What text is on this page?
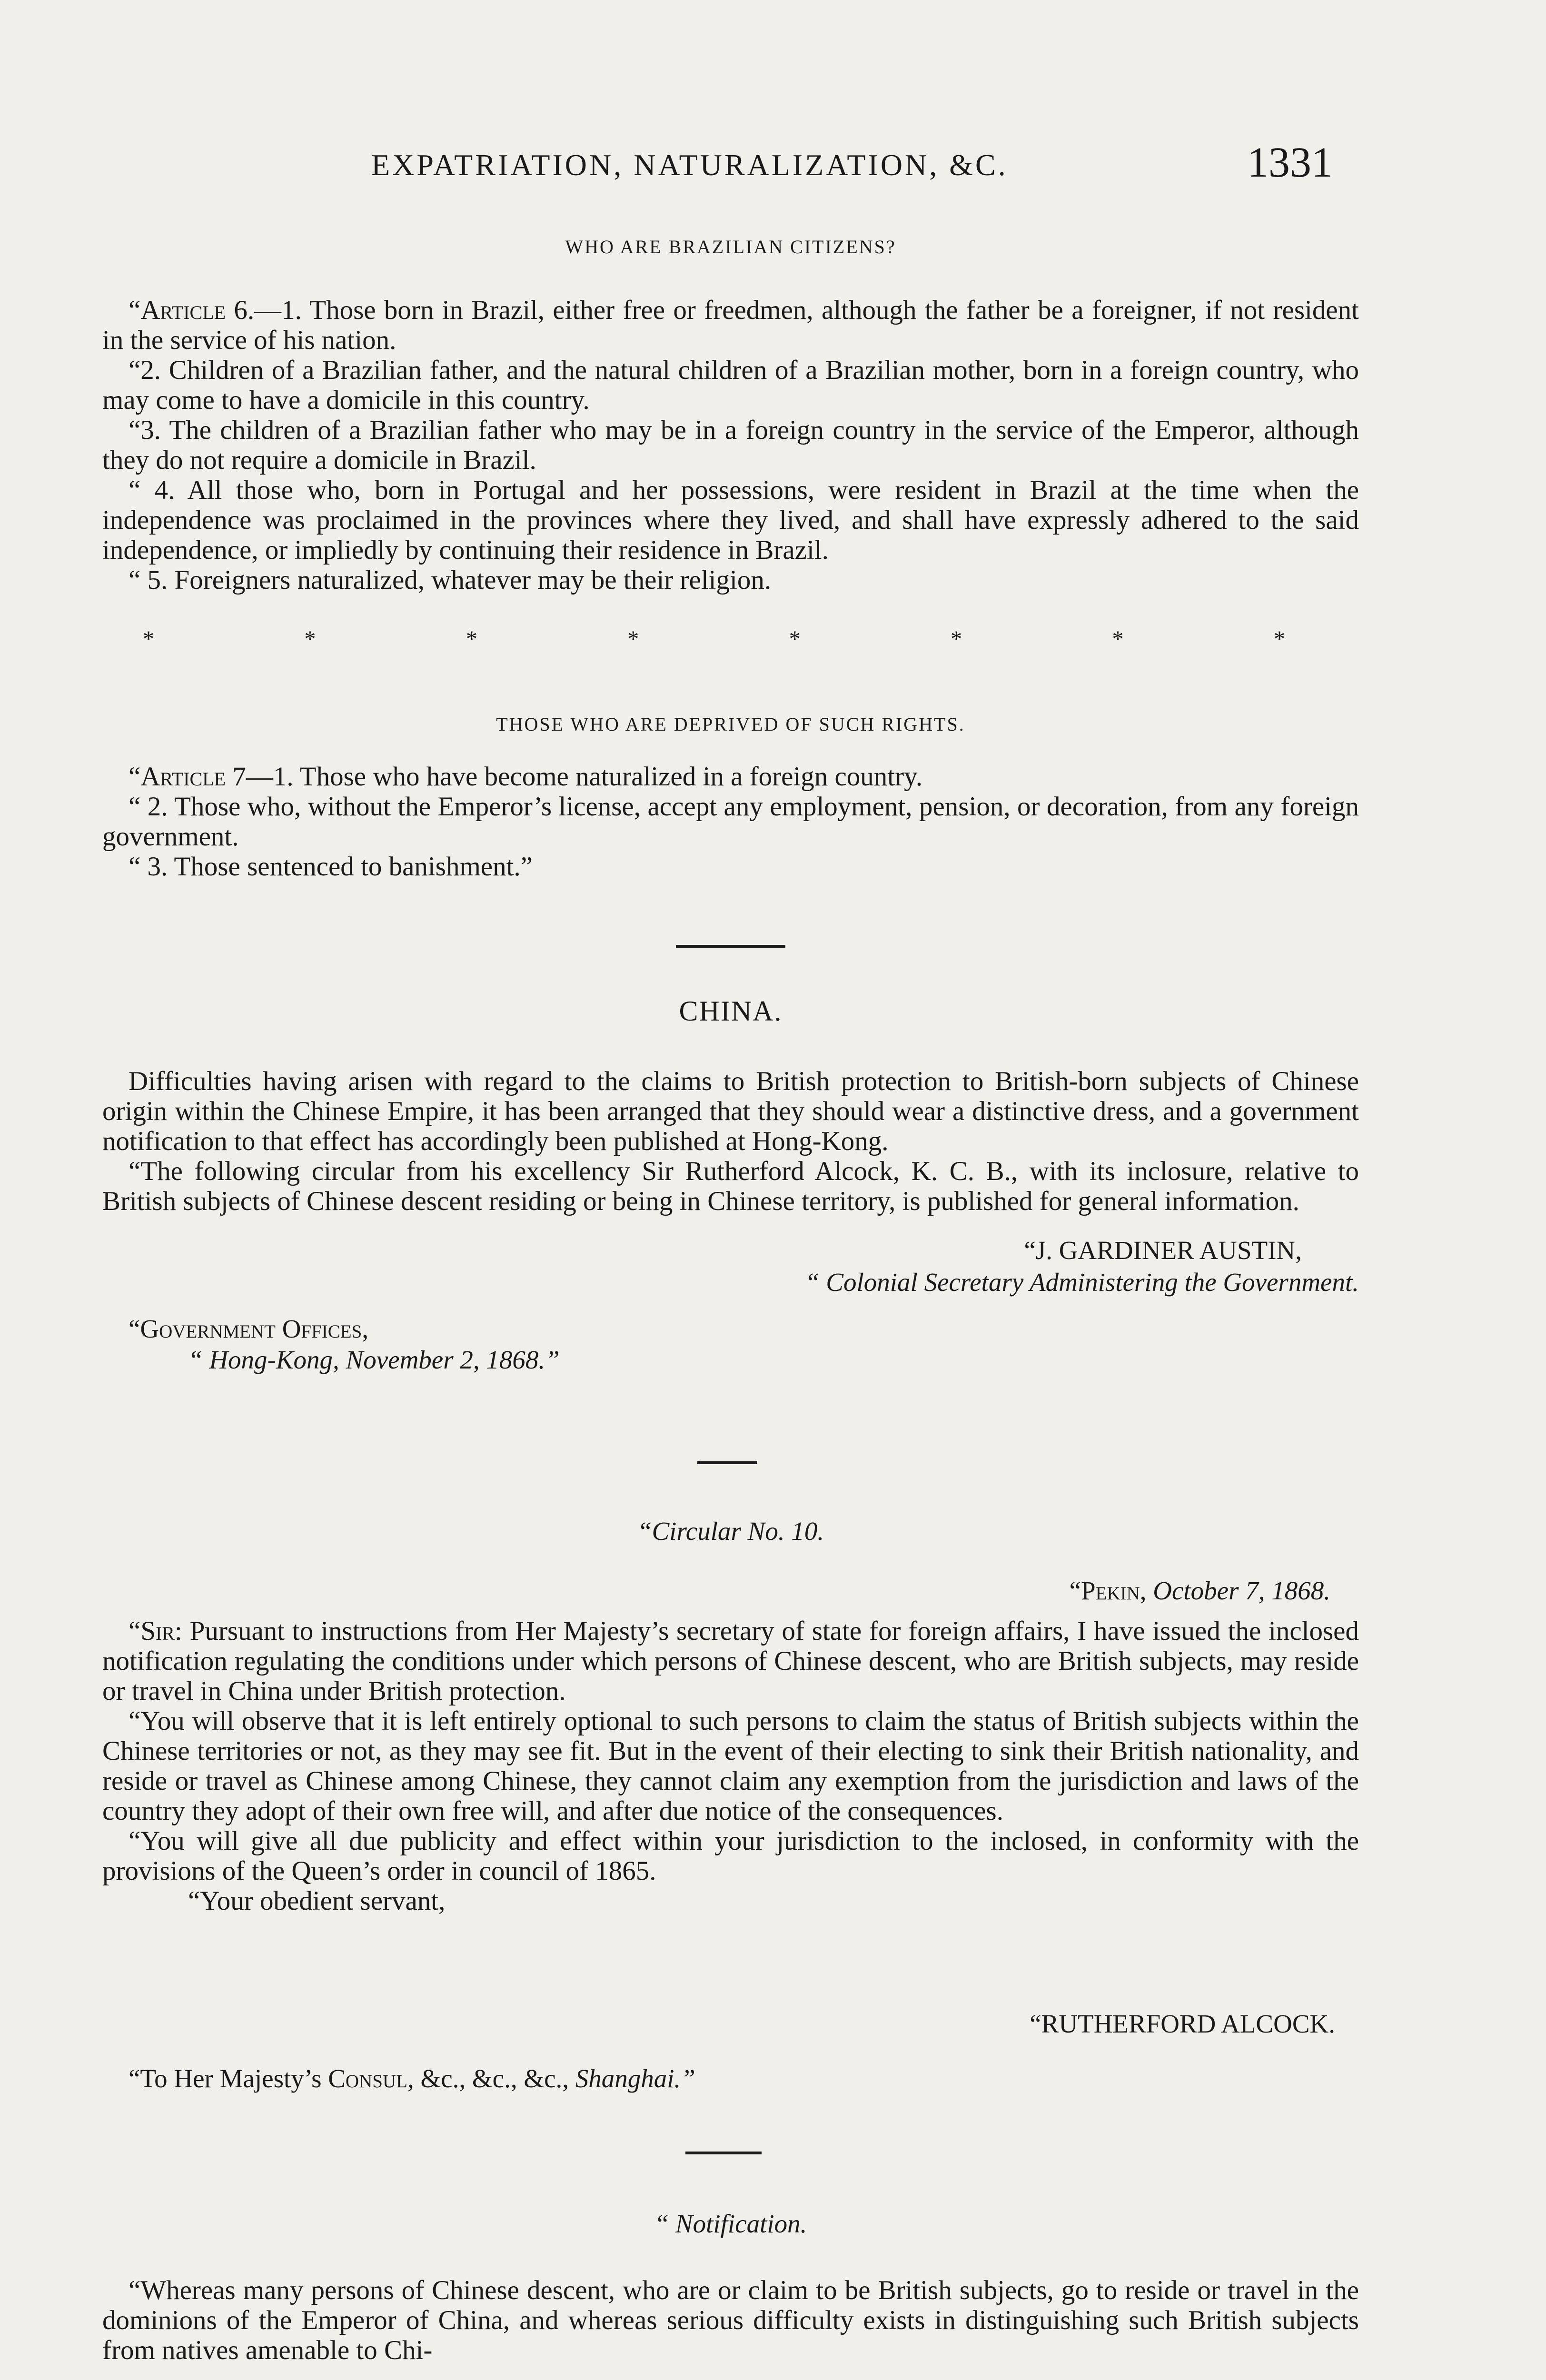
EXPATRIATION, NATURALIZATION, &C.	1331
WHO ARE BRAZILIAN CITIZENS?

“Article 6.—1. Those born in Brazil, either free or freedmen, although the father be a foreigner, if not resident in the service of his nation.

“2. Children of a Brazilian father, and the natural children of a Brazilian mother, born in a foreign country, who may come to have a domicile in this country.

“3. The children of a Brazilian father who may be in a foreign country in the service of the Emperor, although they do not require a domicile in Brazil.

“ 4. All those who, born in Portugal and her possessions, were resident in Brazil at the time when the independence was proclaimed in the provinces where they lived, and shall have expressly adhered to the said independence, or impliedly by continuing their residence in Brazil.

“ 5. Foreigners naturalized, whatever may be their religion.

*	*	*	*	*	*	*	*
THOSE WHO ARE DEPRIVED OF SUCH RIGHTS.

“Article 7—1. Those who have become naturalized in a foreign country.

“ 2. Those who, without the Emperor’s license, accept any employment, pension, or decoration, from any foreign government.

“ 3. Those sentenced to banishment.”

CHINA.

Difficulties having arisen with regard to the claims to British protection to British-born subjects of Chinese origin within the Chinese Empire, it has been arranged that they should wear a distinctive dress, and a government notification to that effect has accordingly been published at Hong-Kong.

“The following circular from his excellency Sir Rutherford Alcock, K. C. B., with its inclosure, relative to British subjects of Chinese descent residing or being in Chinese territory, is published for general information.

“J. GARDINER AUSTIN,
“ Colonial Secretary Administering the Government.
“Government Offices,
“ Hong-Kong, November 2, 1868.”
“Circular No. 10.
“Pekin, October 7, 1868.

“Sir: Pursuant to instructions from Her Majesty’s secretary of state for foreign affairs, I have issued the inclosed notification regulating the conditions under which persons of Chinese descent, who are British subjects, may reside or travel in China under British protection.

“You will observe that it is left entirely optional to such persons to claim the status of British subjects within the Chinese territories or not, as they may see fit. But in the event of their electing to sink their British nationality, and reside or travel as Chinese among Chinese, they cannot claim any exemption from the jurisdiction and laws of the country they adopt of their own free will, and after due notice of the consequences.

“You will give all due publicity and effect within your jurisdiction to the inclosed, in conformity with the provisions of the Queen’s order in council of 1865.

“Your obedient servant,

“RUTHERFORD ALCOCK.
“To Her Majesty’s Consul, &c., &c., &c., Shanghai.”
“ Notification.

“Whereas many persons of Chinese descent, who are or claim to be British subjects, go to reside or travel in the dominions of the Emperor of China, and whereas serious difficulty exists in distinguishing such British subjects from natives amenable to Chi-
